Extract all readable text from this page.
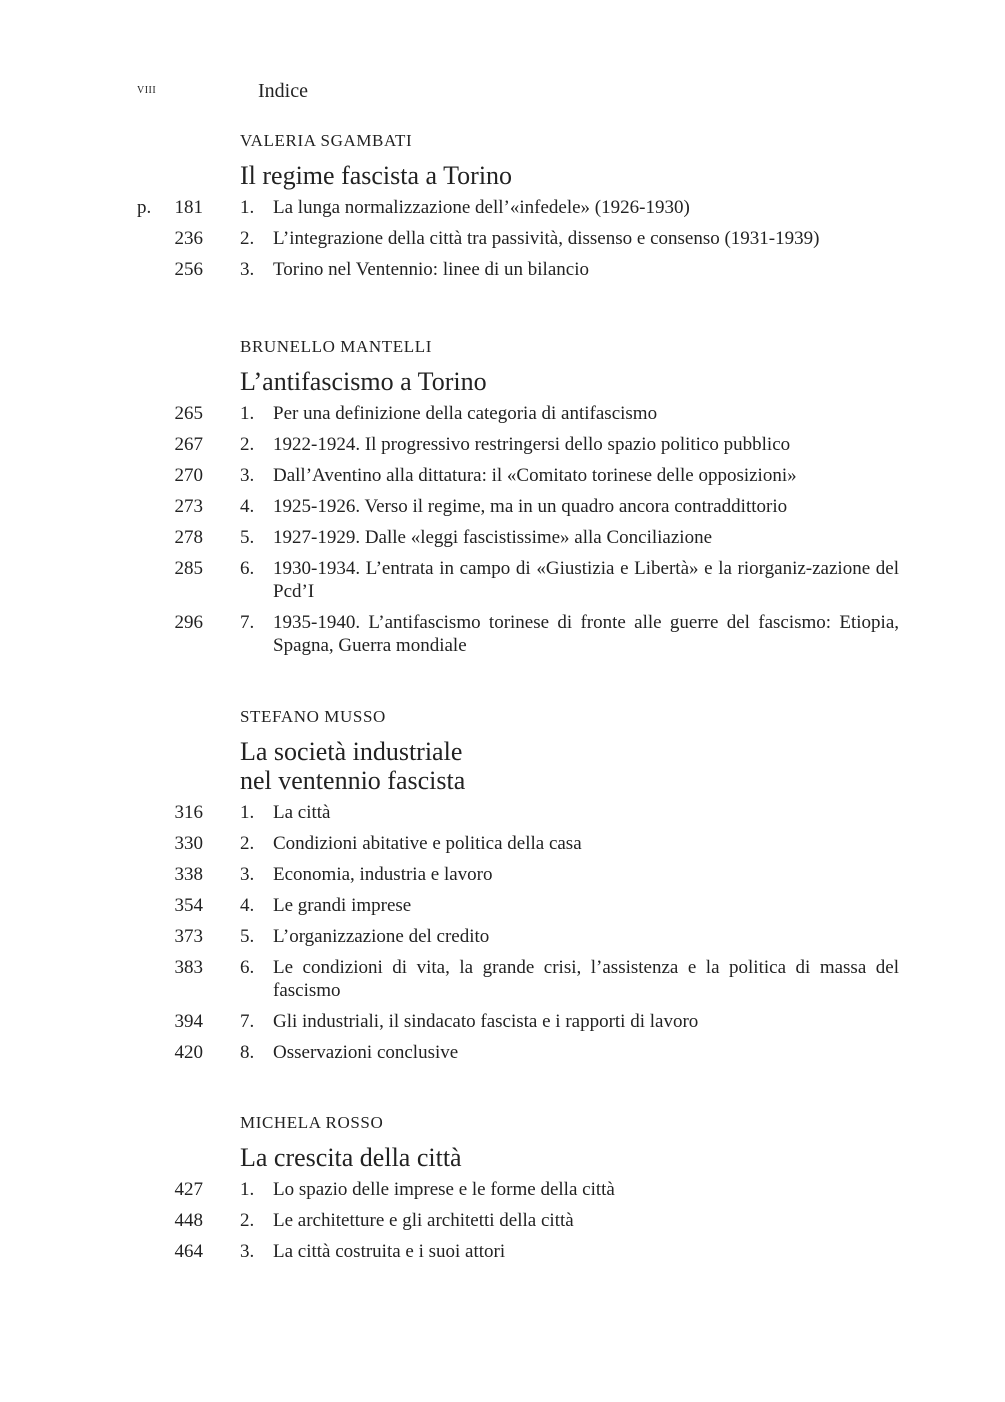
viii	Indice
VALERIA SGAMBATI
Il regime fascista a Torino
p. 181 1. La lunga normalizzazione dell’«infedele» (1926-1930)
236 2. L’integrazione della città tra passività, dissenso e consenso (1931-1939)
256 3. Torino nel Ventennio: linee di un bilancio
BRUNELLO MANTELLI
L’antifascismo a Torino
265 1. Per una definizione della categoria di antifascismo
267 2. 1922-1924. Il progressivo restringersi dello spazio politico pubblico
270 3. Dall’Aventino alla dittatura: il «Comitato torinese delle opposizioni»
273 4. 1925-1926. Verso il regime, ma in un quadro ancora contraddittorio
278 5. 1927-1929. Dalle «leggi fascistissime» alla Conciliazione
285 6. 1930-1934. L’entrata in campo di «Giustizia e Libertà» e la riorganiz-zazione del Pcd’I
296 7. 1935-1940. L’antifascismo torinese di fronte alle guerre del fascismo: Etiopia, Spagna, Guerra mondiale
STEFANO MUSSO
La società industriale
nel ventennio fascista
316 1. La città
330 2. Condizioni abitative e politica della casa
338 3. Economia, industria e lavoro
354 4. Le grandi imprese
373 5. L’organizzazione del credito
383 6. Le condizioni di vita, la grande crisi, l’assistenza e la politica di massa del fascismo
394 7. Gli industriali, il sindacato fascista e i rapporti di lavoro
420 8. Osservazioni conclusive
MICHELA ROSSO
La crescita della città
427 1. Lo spazio delle imprese e le forme della città
448 2. Le architetture e gli architetti della città
464 3. La città costruita e i suoi attori
